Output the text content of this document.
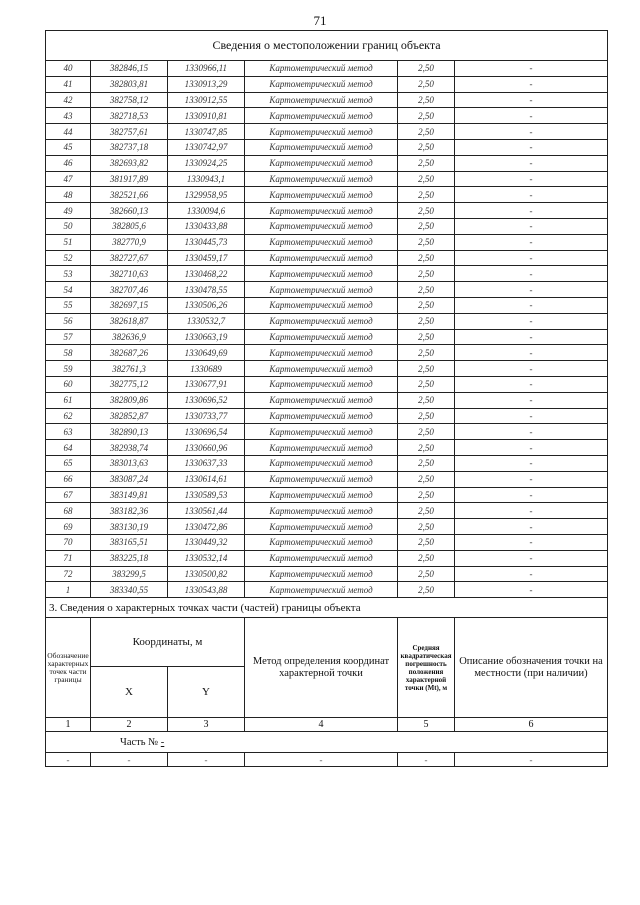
71
Сведения о местоположении границ объекта					
40	382846,15	1330966,11	Картометрический метод	2,50	-
41	382803,81	1330913,29	Картометрический метод	2,50	-
42	382758,12	1330912,55	Картометрический метод	2,50	-
43	382718,53	1330910,81	Картометрический метод	2,50	-
44	382757,61	1330747,85	Картометрический метод	2,50	-
45	382737,18	1330742,97	Картометрический метод	2,50	-
46	382693,82	1330924,25	Картометрический метод	2,50	-
47	381917,89	1330943,1	Картометрический метод	2,50	-
48	382521,66	1329958,95	Картометрический метод	2,50	-
49	382660,13	1330094,6	Картометрический метод	2,50	-
50	382805,6	1330433,88	Картометрический метод	2,50	-
51	382770,9	1330445,73	Картометрический метод	2,50	-
52	382727,67	1330459,17	Картометрический метод	2,50	-
53	382710,63	1330468,22	Картометрический метод	2,50	-
54	382707,46	1330478,55	Картометрический метод	2,50	-
55	382697,15	1330506,26	Картометрический метод	2,50	-
56	382618,87	1330532,7	Картометрический метод	2,50	-
57	382636,9	1330663,19	Картометрический метод	2,50	-
58	382687,26	1330649,69	Картометрический метод	2,50	-
59	382761,3	1330689	Картометрический метод	2,50	-
60	382775,12	1330677,91	Картометрический метод	2,50	-
61	382809,86	1330696,52	Картометрический метод	2,50	-
62	382852,87	1330733,77	Картометрический метод	2,50	-
63	382890,13	1330696,54	Картометрический метод	2,50	-
64	382938,74	1330660,96	Картометрический метод	2,50	-
65	383013,63	1330637,33	Картометрический метод	2,50	-
66	383087,24	1330614,61	Картометрический метод	2,50	-
67	383149,81	1330589,53	Картометрический метод	2,50	-
68	383182,36	1330561,44	Картометрический метод	2,50	-
69	383130,19	1330472,86	Картометрический метод	2,50	-
70	383165,51	1330449,32	Картометрический метод	2,50	-
71	383225,18	1330532,14	Картометрический метод	2,50	-
72	383299,5	1330500,82	Картометрический метод	2,50	-
1	383340,55	1330543,88	Картометрический метод	2,50	-
3. Сведения о характерных точках части (частей) границы объекта					
Обозначение характерных точек части границы	Координаты, м		Метод определения координат характерной точки	Средняя квадратическая погрешность положения характерной точки (Мt), м	Описание обозначения точки на местности (при наличии)
	X	Y			
1	2	3	4	5	6
Часть № -					
-	-	-	-	-	-
